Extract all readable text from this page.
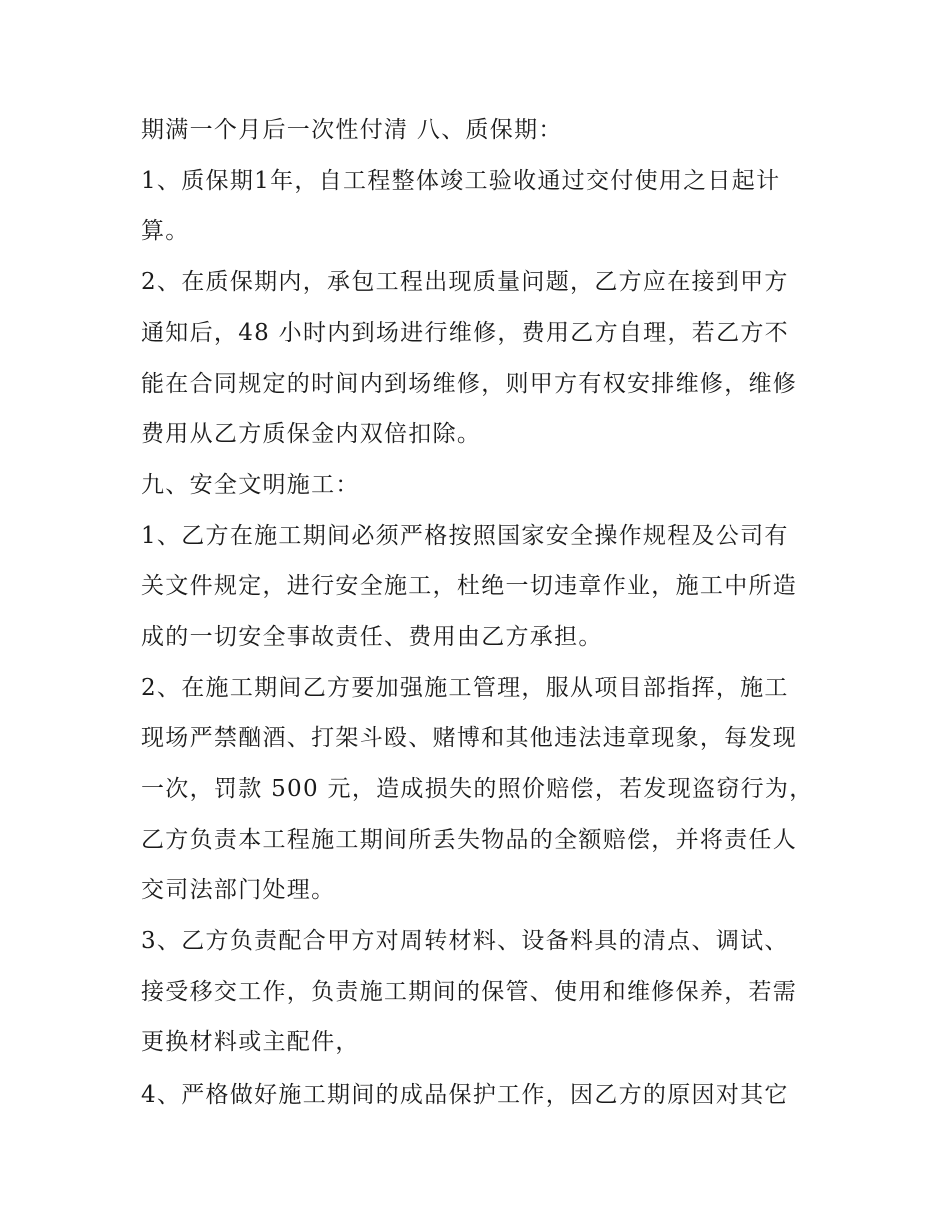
期满一个月后一次性付清 八、质保期：

1、质保期1年，自工程整体竣工验收通过交付使用之日起计

算。

2、在质保期内，承包工程出现质量问题，乙方应在接到甲方

通知后，48 小时内到场进行维修，费用乙方自理，若乙方不

能在合同规定的时间内到场维修，则甲方有权安排维修，维修

费用从乙方质保金内双倍扣除。

九、安全文明施工：

1、乙方在施工期间必须严格按照国家安全操作规程及公司有

关文件规定，进行安全施工，杜绝一切违章作业，施工中所造

成的一切安全事故责任、费用由乙方承担。

2、在施工期间乙方要加强施工管理，服从项目部指挥，施工

现场严禁酗酒、打架斗殴、赌博和其他违法违章现象，每发现

一次，罚款 500 元，造成损失的照价赔偿，若发现盗窃行为，

乙方负责本工程施工期间所丢失物品的全额赔偿，并将责任人

交司法部门处理。

3、乙方负责配合甲方对周转材料、设备料具的清点、调试、

接受移交工作，负责施工期间的保管、使用和维修保养，若需

更换材料或主配件，

4、严格做好施工期间的成品保护工作，因乙方的原因对其它
